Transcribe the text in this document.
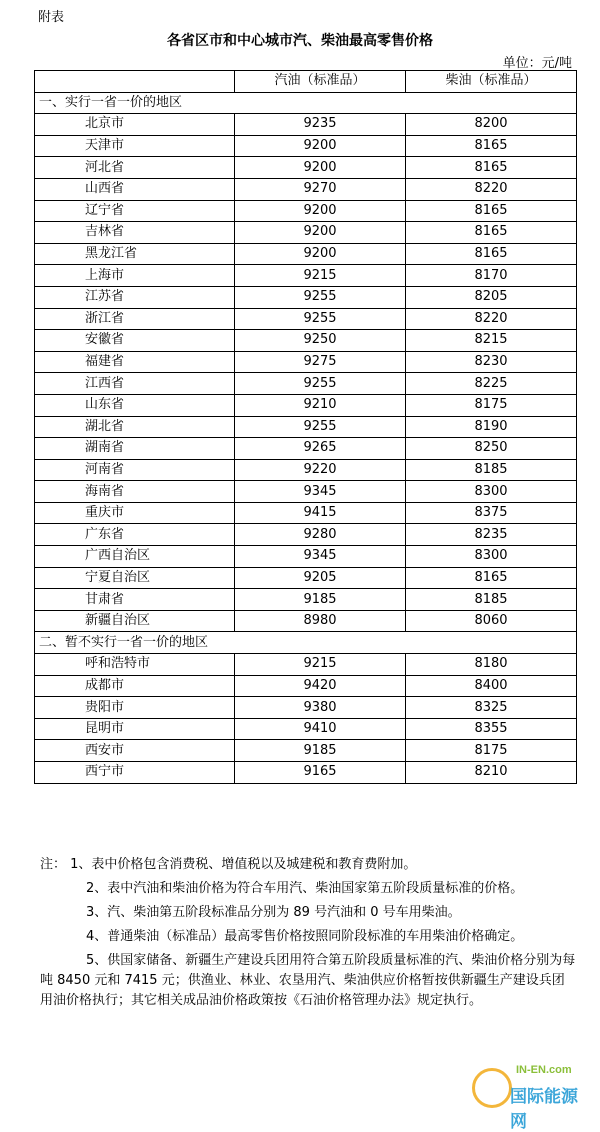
附表
各省区市和中心城市汽、柴油最高零售价格
单位：元/吨
	汽油（标准品）	柴油（标准品）
一、实行一省一价的地区		
北京市	9235	8200
天津市	9200	8165
河北省	9200	8165
山西省	9270	8220
辽宁省	9200	8165
吉林省	9200	8165
黑龙江省	9200	8165
上海市	9215	8170
江苏省	9255	8205
浙江省	9255	8220
安徽省	9250	8215
福建省	9275	8230
江西省	9255	8225
山东省	9210	8175
湖北省	9255	8190
湖南省	9265	8250
河南省	9220	8185
海南省	9345	8300
重庆市	9415	8375
广东省	9280	8235
广西自治区	9345	8300
宁夏自治区	9205	8165
甘肃省	9185	8185
新疆自治区	8980	8060
二、暂不实行一省一价的地区		
呼和浩特市	9215	8180
成都市	9420	8400
贵阳市	9380	8325
昆明市	9410	8355
西安市	9185	8175
西宁市	9165	8210

注： 1、表中价格包含消费税、增值税以及城建税和教育费附加。

2、表中汽油和柴油价格为符合车用汽、柴油国家第五阶段质量标准的价格。

3、汽、柴油第五阶段标准品分别为 89 号汽油和 0 号车用柴油。

4、普通柴油（标准品）最高零售价格按照同阶段标准的车用柴油价格确定。

5、供国家储备、新疆生产建设兵团用符合第五阶段质量标准的汽、柴油价格分别为每吨 8450 元和 7415 元；供渔业、林业、农垦用汽、柴油供应价格暂按供新疆生产建设兵团用油价格执行；其它相关成品油价格政策按《石油价格管理办法》规定执行。

IN-EN.com
国际能源网
